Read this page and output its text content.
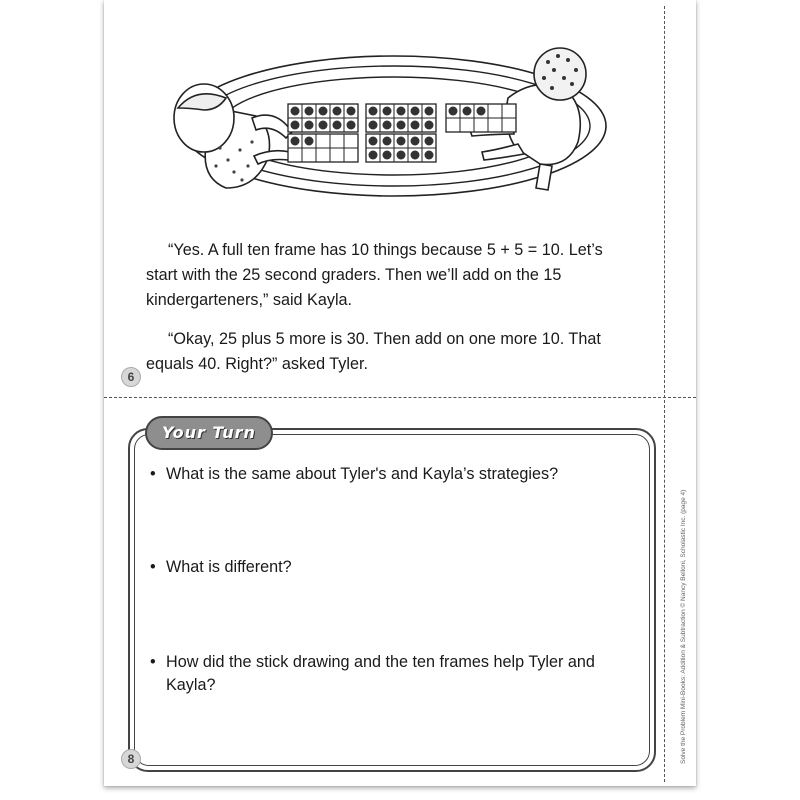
“Yes. A full ten frame has 10 things because 5 + 5 = 10. Let’s start with the 25 second graders. Then we’ll add on the 15 kindergarteners,” said Kayla.

“Okay, 25 plus 5 more is 30. Then add on one more 10. That equals 40. Right?” asked Tyler.

6
Your Turn
• What is the same about Tyler's and Kayla’s strategies?
• What is different?
• How did the stick drawing and the ten frames help Tyler and Kayla?
8	Solve the Problem Mini-Books: Addition & Subtraction © Nancy Belloni, Scholastic Inc. (page 4)
